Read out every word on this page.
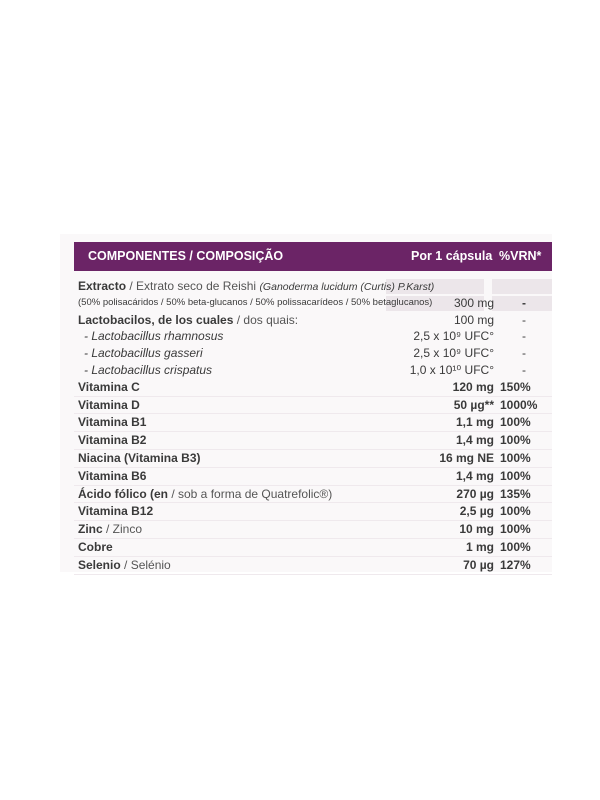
COMPONENTES / COMPOSIÇÃO	Por 1 cápsula %VRN*
Extracto / Extrato seco de Reishi (Ganoderma lucidum (Curtis) P.Karst)
(50% polisacáridos / 50% beta-glucanos / 50% polissacarídeos / 50% betaglucanos) 300 mg -
Lactobacilos, de los cuales / dos quais:	100 mg -
- Lactobacillus rhamnosus	2,5 x 10⁹ UFC° -
- Lactobacillus gasseri	2,5 x 10⁹ UFC° -
- Lactobacillus crispatus	1,0 x 10¹⁰ UFC° -
Vitamina C	120 mg 150%
Vitamina D	50 µg** 1000%
Vitamina B1	1,1 mg 100%
Vitamina B2	1,4 mg 100%
Niacina (Vitamina B3)	16 mg NE 100%
Vitamina B6	1,4 mg 100%
Ácido fólico (en / sob a forma de Quatrefolic®)	270 µg 135%
Vitamina B12	2,5 µg 100%
Zinc / Zinco	10 mg 100%
Cobre	1 mg 100%
Selenio / Selénio	70 µg 127%
